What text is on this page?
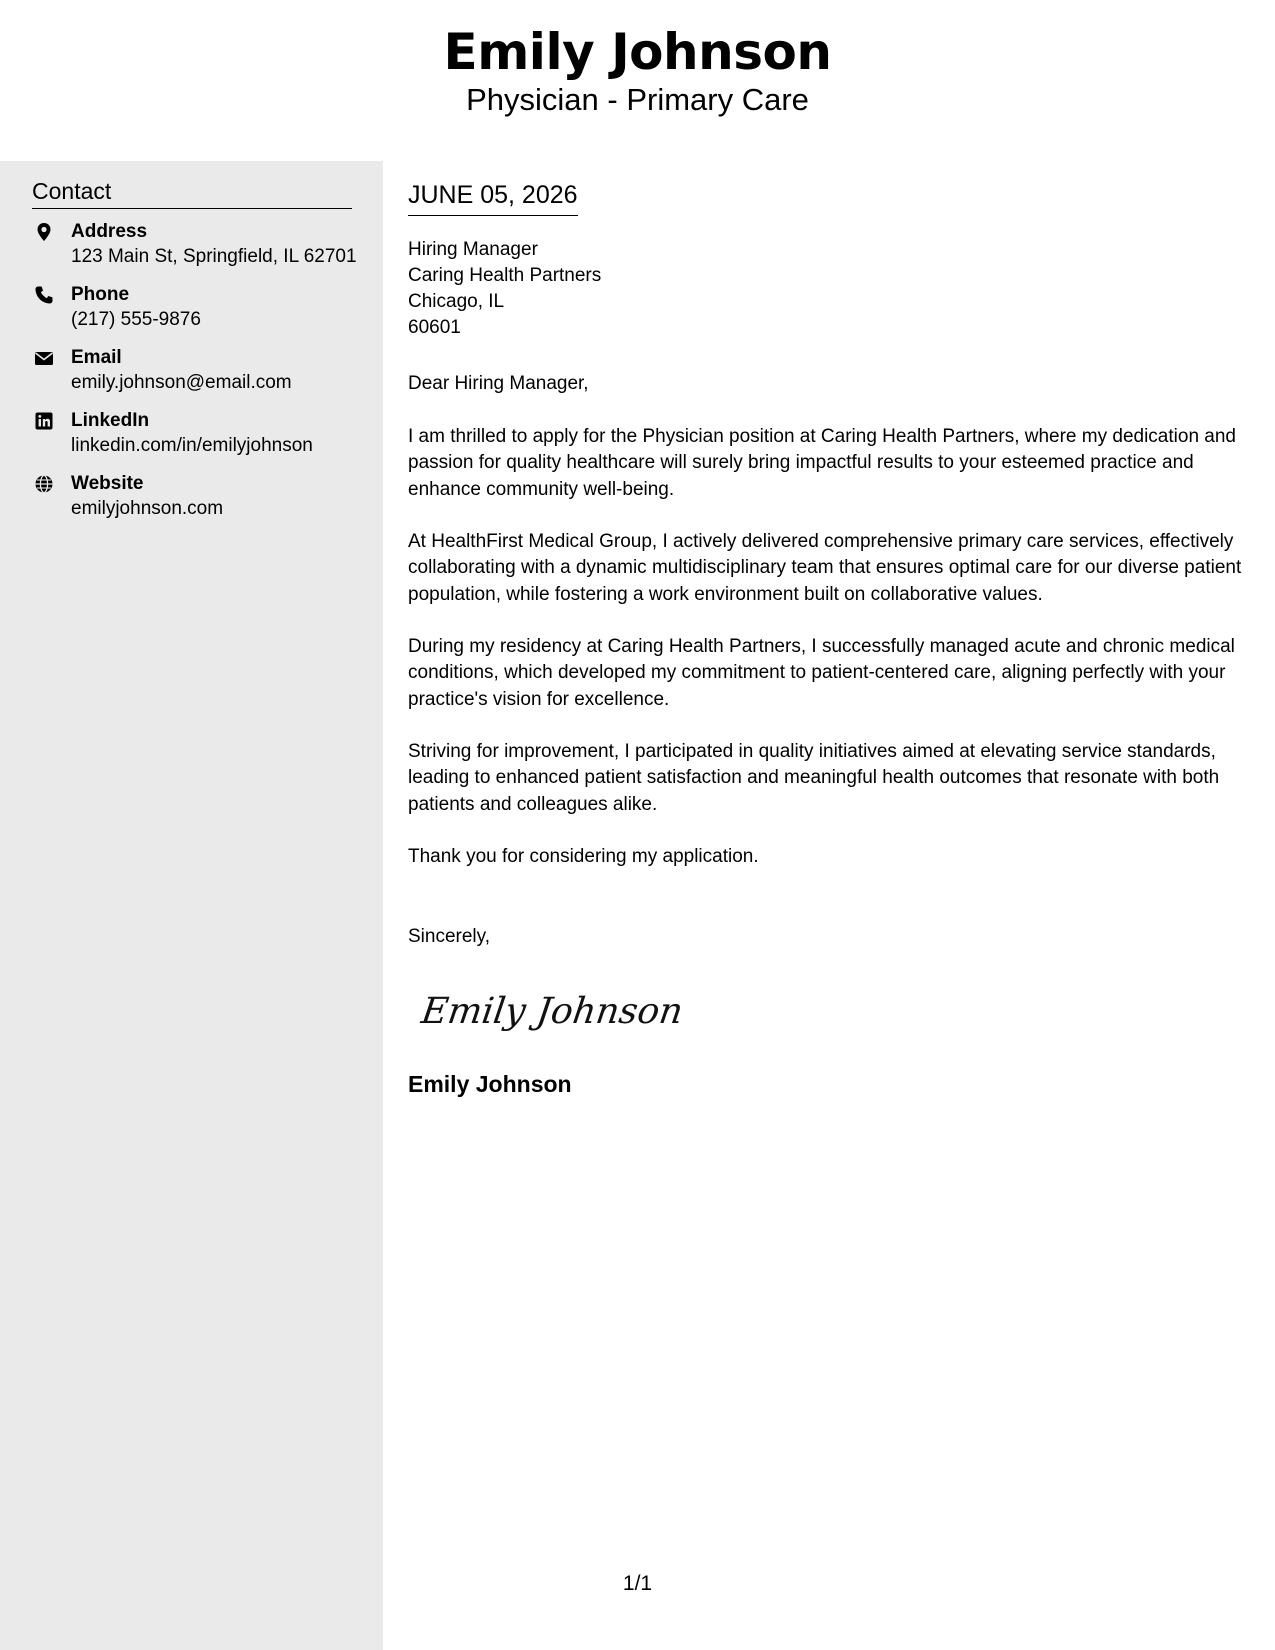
Emily Johnson
Physician - Primary Care
Contact
Address
123 Main St, Springfield, IL 62701
Phone
(217) 555-9876
Email
emily.johnson@email.com
LinkedIn
linkedin.com/in/emilyjohnson
Website
emilyjohnson.com
JUNE 05, 2026
Hiring Manager
Caring Health Partners
Chicago, IL
60601
Dear Hiring Manager,
I am thrilled to apply for the Physician position at Caring Health Partners, where my dedication and passion for quality healthcare will surely bring impactful results to your esteemed practice and enhance community well-being.
At HealthFirst Medical Group, I actively delivered comprehensive primary care services, effectively collaborating with a dynamic multidisciplinary team that ensures optimal care for our diverse patient population, while fostering a work environment built on collaborative values.
During my residency at Caring Health Partners, I successfully managed acute and chronic medical conditions, which developed my commitment to patient-centered care, aligning perfectly with your practice's vision for excellence.
Striving for improvement, I participated in quality initiatives aimed at elevating service standards, leading to enhanced patient satisfaction and meaningful health outcomes that resonate with both patients and colleagues alike.
Thank you for considering my application.
Sincerely,
Emily Johnson
Emily Johnson
1/1
